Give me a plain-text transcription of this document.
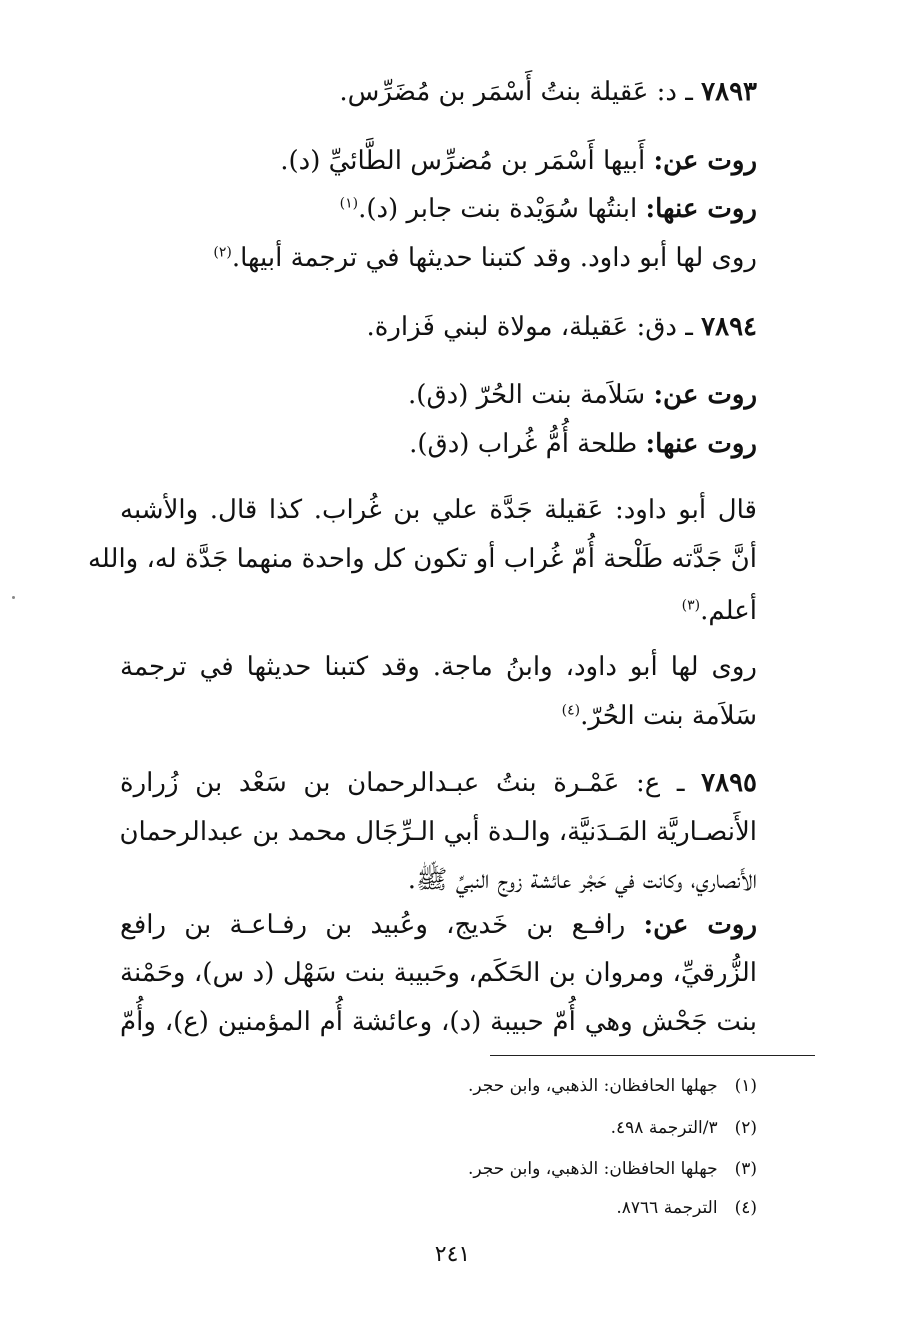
٧٨٩٣ ـ د: عَقيلة بنتُ أَسْمَر بن مُضَرِّس.
روت عن: أَبيها أَسْمَر بن مُضرِّس الطَّائيِّ (د).
روت عنها: ابنتُها سُوَيْدة بنت جابر (د).$^{(١)}$
روى لها أبو داود. وقد كتبنا حديثها في ترجمة أبيها.$^{(٢)}$
٧٨٩٤ ـ دق: عَقيلة، مولاة لبني فَزارة.
روت عن: سَلاَمة بنت الحُرّ (دق).
روت عنها: طلحة أُمُّ غُراب (دق).
قال أبو داود: عَقيلة جَدَّة علي بن غُراب. كذا قال. والأشبه
أنَّ جَدَّته طَلْحة أُمّ غُراب أو تكون كل واحدة منهما جَدَّة له، والله
أعلم.$^{(٣)}$
روى لها أبو داود، وابنُ ماجة. وقد كتبنا حديثها في ترجمة
سَلاَمة بنت الحُرّ.$^{(٤)}$
٧٨٩٥ ـ ع: عَمْـرة بنتُ عبـدالرحمان بن سَعْد بن زُرارة
الأَنصـاريَّة المَـدَنيَّة، والـدة أبي الـرِّجَال محمد بن عبدالرحمان
الأَنصاري، وكانت في حَجْر عائشة زوج النبيِّ ﷺ.
روت عن: رافـع بن خَديج، وعُبيد بن رفـاعـة بن رافع
الزُّرقيِّ، ومروان بن الحَكَم، وحَبيبة بنت سَهْل (د س)، وحَمْنة
بنت جَحْش وهي أُمّ حبيبة (د)، وعائشة أُم المؤمنين (ع)، وأُمّ
(١) جهلها الحافظان: الذهبي، وابن حجر.
(٢) ٣/الترجمة ٤٩٨.
(٣) جهلها الحافظان: الذهبي، وابن حجر.
(٤) الترجمة ٨٧٦٦.
٢٤١
